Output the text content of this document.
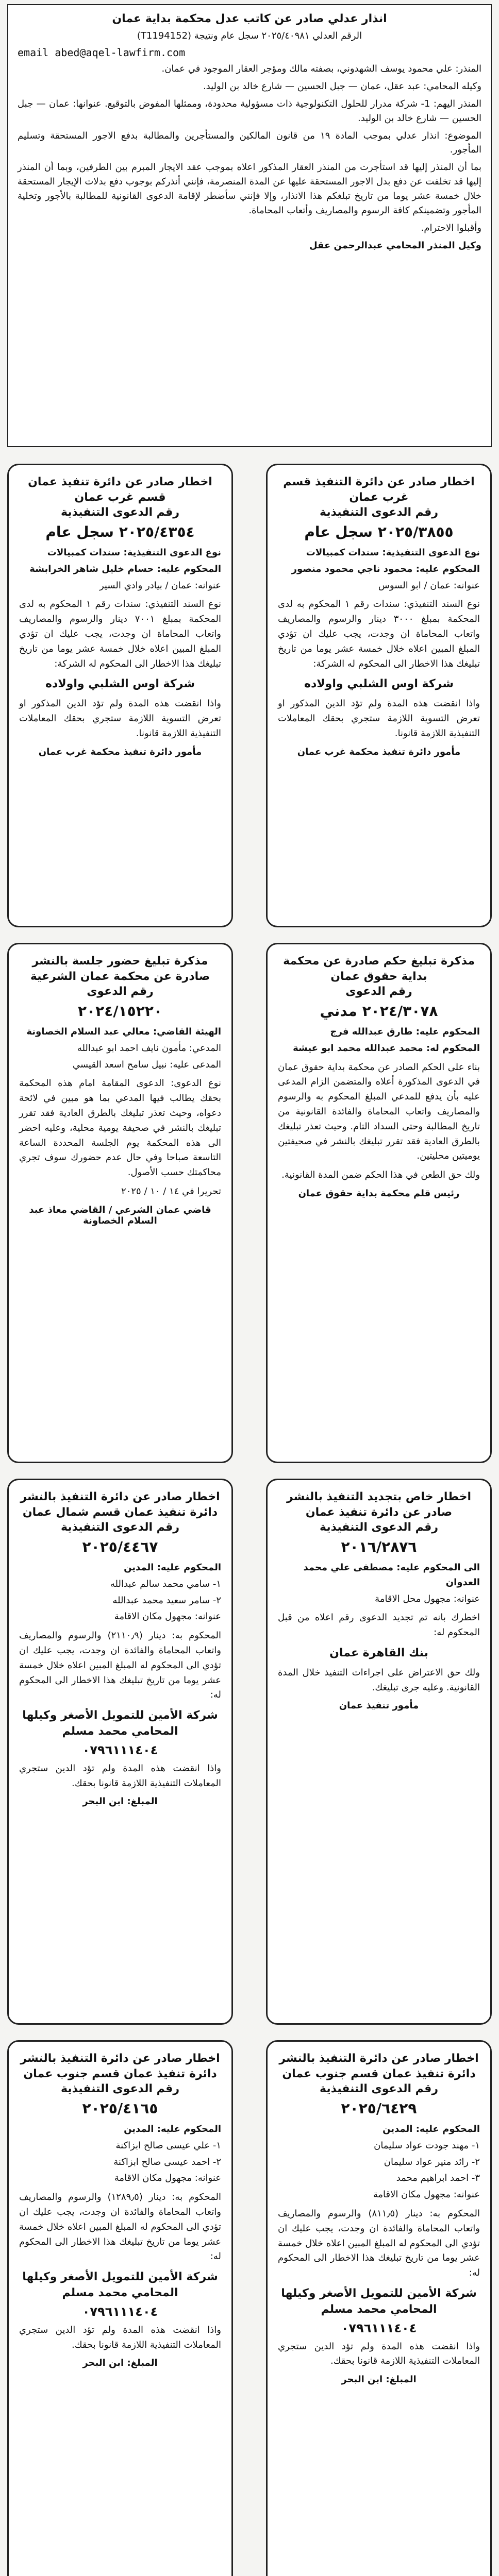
انذار عدلي صادر عن كاتب عدل محكمة بداية عمان
الرقم العدلي ٢٠٢٥/٤٠٩٨١ سجل عام ونتيجة (T1194152)
email abed@aqel-lawfirm.com

المنذر: علي محمود يوسف الشهدوني، بصفته مالك ومؤجر العقار الموجود في عمان.

وكيله المحامي: عبد عقل، عمان — جبل الحسين — شارع خالد بن الوليد.

المنذر اليهم: 1- شركة مدرار للحلول التكنولوجية ذات مسؤولية محدودة، وممثلها المفوض بالتوقيع. عنوانها: عمان — جبل الحسين — شارع خالد بن الوليد.

الموضوع: انذار عدلي بموجب المادة ١٩ من قانون المالكين والمستأجرين والمطالبة بدفع الاجور المستحقة وتسليم المأجور.

بما أن المنذر إليها قد استأجرت من المنذر العقار المذكور اعلاه بموجب عقد الايجار المبرم بين الطرفين، وبما أن المنذر إليها قد تخلفت عن دفع بدل الاجور المستحقة عليها عن المدة المنصرمة، فإنني أنذركم بوجوب دفع بدلات الإيجار المستحقة خلال خمسة عشر يوما من تاريخ تبلغكم هذا الانذار، وإلا فإنني سأضطر لإقامة الدعوى القانونية للمطالبة بالأجور وتخلية المأجور وتضمينكم كافة الرسوم والمصاريف وأتعاب المحاماة.

وأقبلوا الاحترام.

وكيل المنذر المحامي عبدالرحمن عقل

اخطار صادر عن دائرة التنفيذ قسم غرب عمان
رقم الدعوى التنفيذية
٢٠٢٥/٣٨٥٥ سجل عام
نوع الدعوى التنفيذية: سندات كمبيالات
المحكوم عليه: محمود ناجي محمود منصور
عنوانه: عمان / ابو السوس
نوع السند التنفيذي: سندات رقم ١ المحكوم به لدى المحكمة بمبلغ ٣٠٠٠ دينار والرسوم والمصاريف واتعاب المحاماة ان وجدت، يجب عليك ان تؤدي المبلغ المبين اعلاه خلال خمسة عشر يوما من تاريخ تبليغك هذا الاخطار الى المحكوم له الشركة:
شركة اوس الشلبي واولاده
واذا انقضت هذه المدة ولم تؤد الدين المذكور او تعرض التسوية اللازمة ستجري بحقك المعاملات التنفيذية اللازمة قانونا.
مأمور دائرة تنفيذ محكمة غرب عمان
اخطار صادر عن دائرة تنفيذ عمان قسم غرب عمان
رقم الدعوى التنفيذية
٢٠٢٥/٤٣٥٤ سجل عام
نوع الدعوى التنفيذية: سندات كمبيالات
المحكوم عليه: حسام خليل شاهر الخرابشة
عنوانه: عمان / بيادر وادي السير
نوع السند التنفيذي: سندات رقم ١ المحكوم به لدى المحكمة بمبلغ ٧٠٠١ دينار والرسوم والمصاريف واتعاب المحاماة ان وجدت، يجب عليك ان تؤدي المبلغ المبين اعلاه خلال خمسة عشر يوما من تاريخ تبليغك هذا الاخطار الى المحكوم له الشركة:
شركة اوس الشلبي واولاده
واذا انقضت هذه المدة ولم تؤد الدين المذكور او تعرض التسوية اللازمة ستجري بحقك المعاملات التنفيذية اللازمة قانونا.
مأمور دائرة تنفيذ محكمة غرب عمان
مذكرة تبليغ حكم صادرة عن محكمة بداية حقوق عمان
رقم الدعوى
٢٠٢٤/٣٠٧٨ مدني
المحكوم عليه: طارق عبدالله فرج
المحكوم له: محمد عبدالله محمد ابو عيشة
بناء على الحكم الصادر عن محكمة بداية حقوق عمان في الدعوى المذكورة أعلاه والمتضمن الزام المدعى عليه بأن يدفع للمدعي المبلغ المحكوم به والرسوم والمصاريف واتعاب المحاماة والفائدة القانونية من تاريخ المطالبة وحتى السداد التام. وحيث تعذر تبليغك بالطرق العادية فقد تقرر تبليغك بالنشر في صحيفتين يوميتين محليتين.
ولك حق الطعن في هذا الحكم ضمن المدة القانونية.
رئيس قلم محكمة بداية حقوق عمان
مذكرة تبليغ حضور جلسة بالنشر صادرة عن محكمة عمان الشرعية
رقم الدعوى
٢٠٢٤/١٥٢٢٠
الهيئة القاضي: معالي عبد السلام الخصاونة
المدعي: مأمون نايف احمد ابو عبدالله
المدعى عليه: نبيل سامح اسعد القيسي
نوع الدعوى: الدعوى المقامة امام هذه المحكمة بحقك يطالب فيها المدعي بما هو مبين في لائحة دعواه، وحيث تعذر تبليغك بالطرق العادية فقد تقرر تبليغك بالنشر في صحيفة يومية محلية، وعليه احضر الى هذه المحكمة يوم الجلسة المحددة الساعة التاسعة صباحا وفي حال عدم حضورك سوف تجري محاكمتك حسب الأصول.
تحريرا في ١٤ / ١٠ / ٢٠٢٥
قاضي عمان الشرعي / القاضي معاذ عبد السلام الخصاونة
اخطار خاص بتجديد التنفيذ بالنشر صادر عن دائرة تنفيذ عمان
رقم الدعوى التنفيذية
٢٠١٦/٢٨٧٦
الى المحكوم عليه: مصطفى علي محمد العدوان
عنوانه: مجهول محل الاقامة
اخطرك بانه تم تجديد الدعوى رقم اعلاه من قبل المحكوم له:
بنك القاهرة عمان
ولك حق الاعتراض على اجراءات التنفيذ خلال المدة القانونية. وعليه جرى تبليغك.
مأمور تنفيذ عمان
اخطار صادر عن دائرة التنفيذ بالنشر دائرة تنفيذ عمان قسم شمال عمان
رقم الدعوى التنفيذية
٢٠٢٥/٤٤٦٧
المحكوم عليه: المدين
١- سامي محمد سالم عبدالله
٢- سامر سعيد محمد عبدالله
عنوانه: مجهول مكان الاقامة
المحكوم به: دينار (٢١١٠٫٩) والرسوم والمصاريف واتعاب المحاماة والفائدة ان وجدت، يجب عليك ان تؤدي الى المحكوم له المبلغ المبين اعلاه خلال خمسة عشر يوما من تاريخ تبليغك هذا الاخطار الى المحكوم له:
شركة الأمين للتمويل الأصغر وكيلها المحامي محمد مسلم
٠٧٩٦١١١٤٠٤
واذا انقضت هذه المدة ولم تؤد الدين ستجري المعاملات التنفيذية اللازمة قانونا بحقك.
المبلغ: ابن البحر
اخطار صادر عن دائرة التنفيذ بالنشر دائرة تنفيذ عمان قسم جنوب عمان
رقم الدعوى التنفيذية
٢٠٢٥/٦٤٢٩
المحكوم عليه: المدين
١- مهند جودت عواد سليمان
٢- رائد منير عواد سليمان
٣- احمد ابراهيم محمد
عنوانه: مجهول مكان الاقامة
المحكوم به: دينار (٨١١٫٥) والرسوم والمصاريف واتعاب المحاماة والفائدة ان وجدت، يجب عليك ان تؤدي الى المحكوم له المبلغ المبين اعلاه خلال خمسة عشر يوما من تاريخ تبليغك هذا الاخطار الى المحكوم له:
شركة الأمين للتمويل الأصغر وكيلها المحامي محمد مسلم
٠٧٩٦١١١٤٠٤
واذا انقضت هذه المدة ولم تؤد الدين ستجري المعاملات التنفيذية اللازمة قانونا بحقك.
المبلغ: ابن البحر
اخطار صادر عن دائرة التنفيذ بالنشر دائرة تنفيذ عمان قسم جنوب عمان
رقم الدعوى التنفيذية
٢٠٢٥/٤١٦٥
المحكوم عليه: المدين
١- علي عيسى صالح ابزاكنة
٢- احمد عيسى صالح ابزاكنة
عنوانه: مجهول مكان الاقامة
المحكوم به: دينار (١٢٨٩٫٥) والرسوم والمصاريف واتعاب المحاماة والفائدة ان وجدت، يجب عليك ان تؤدي الى المحكوم له المبلغ المبين اعلاه خلال خمسة عشر يوما من تاريخ تبليغك هذا الاخطار الى المحكوم له:
شركة الأمين للتمويل الأصغر وكيلها المحامي محمد مسلم
٠٧٩٦١١١٤٠٤
واذا انقضت هذه المدة ولم تؤد الدين ستجري المعاملات التنفيذية اللازمة قانونا بحقك.
المبلغ: ابن البحر
